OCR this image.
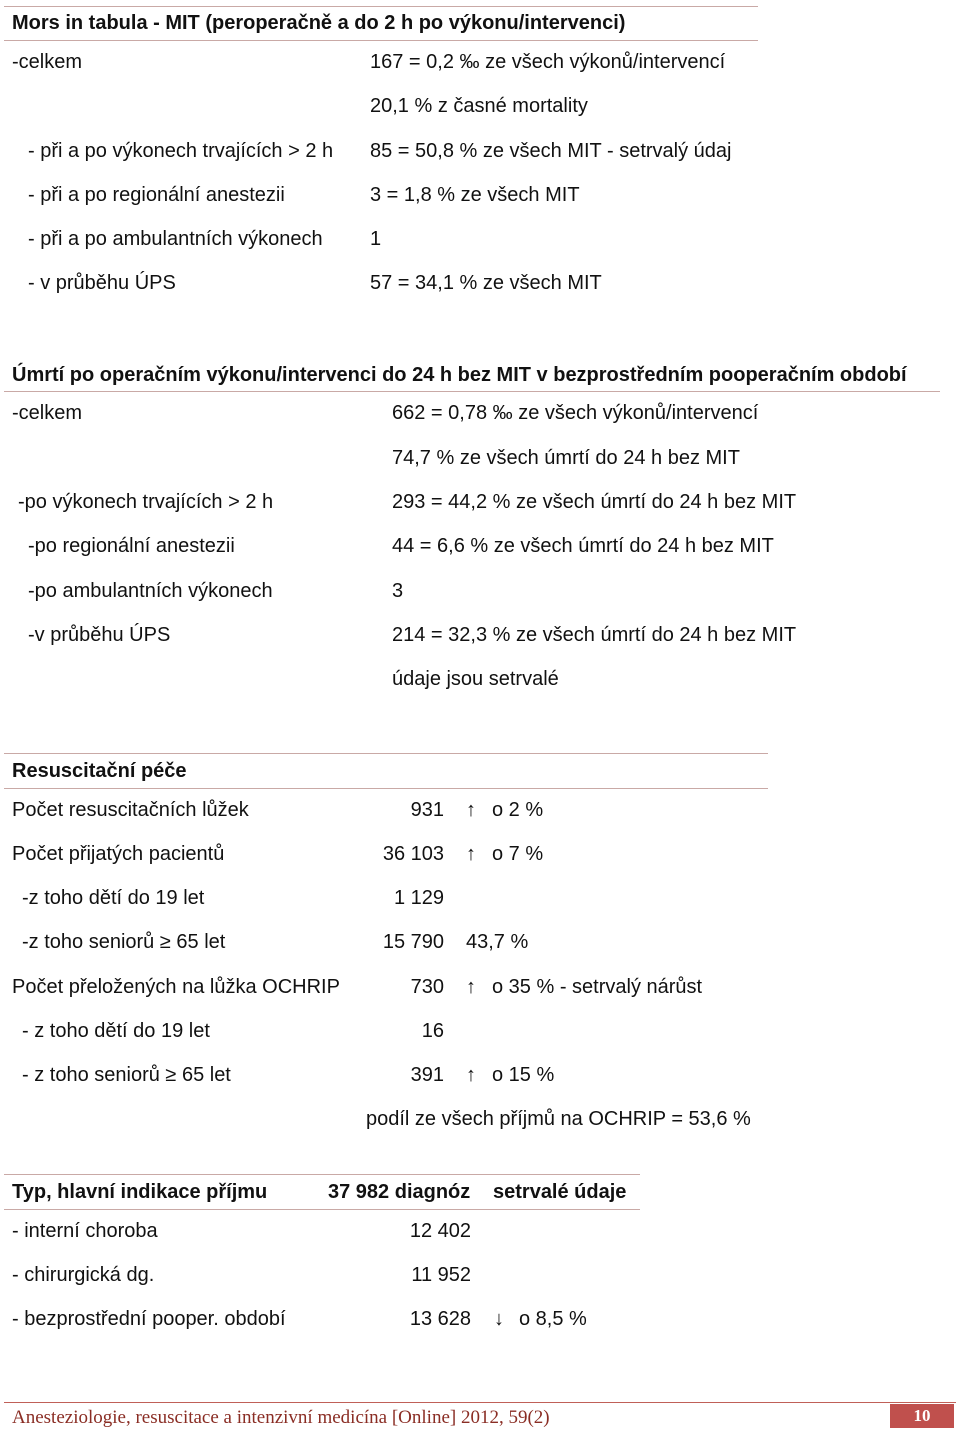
Mors in tabula - MIT (peroperačně a do 2 h po výkonu/intervenci)
-celkem	167 = 0,2 ‰ ze všech výkonů/intervencí
20,1 % z časné mortality
- při a po výkonech trvajících > 2 h 85 = 50,8 % ze všech MIT - setrvalý údaj
- při a po regionální anestezii	3 = 1,8 % ze všech MIT
- při a po ambulantních výkonech 1
- v průběhu ÚPS	57 = 34,1 % ze všech MIT
Úmrtí po operačním výkonu/intervenci do 24 h bez MIT v bezprostředním pooperačním období
-celkem	662 = 0,78 ‰ ze všech výkonů/intervencí
74,7 % ze všech úmrtí do 24 h bez MIT
-po výkonech trvajících > 2 h	293 = 44,2 % ze všech úmrtí do 24 h bez MIT
-po regionální anestezii	44 = 6,6 % ze všech úmrtí do 24 h bez MIT
-po ambulantních výkonech	3
-v průběhu ÚPS	214 = 32,3 % ze všech úmrtí do 24 h bez MIT
údaje jsou setrvalé
Resuscitační péče
Počet resuscitačních lůžek	931 ↑ o 2 %
Počet přijatých pacientů	36 103 ↑ o 7 %
-z toho dětí do 19 let	1 129
-z toho seniorů ≥ 65 let	15 790 43,7 %
Počet přeložených na lůžka OCHRIP	730 ↑ o 35 % - setrvalý nárůst
- z toho dětí do 19 let	16
- z toho seniorů ≥ 65 let	391 ↑ o 15 %
podíl ze všech příjmů na OCHRIP = 53,6 %
Typ, hlavní indikace příjmu	37 982 diagnóz setrvalé údaje
- interní choroba	12 402
- chirurgická dg.	11 952
- bezprostřední pooper. období	13 628 ↓ o 8,5 %
Anesteziologie, resuscitace a intenzivní medicína [Online] 2012, 59(2)	10
